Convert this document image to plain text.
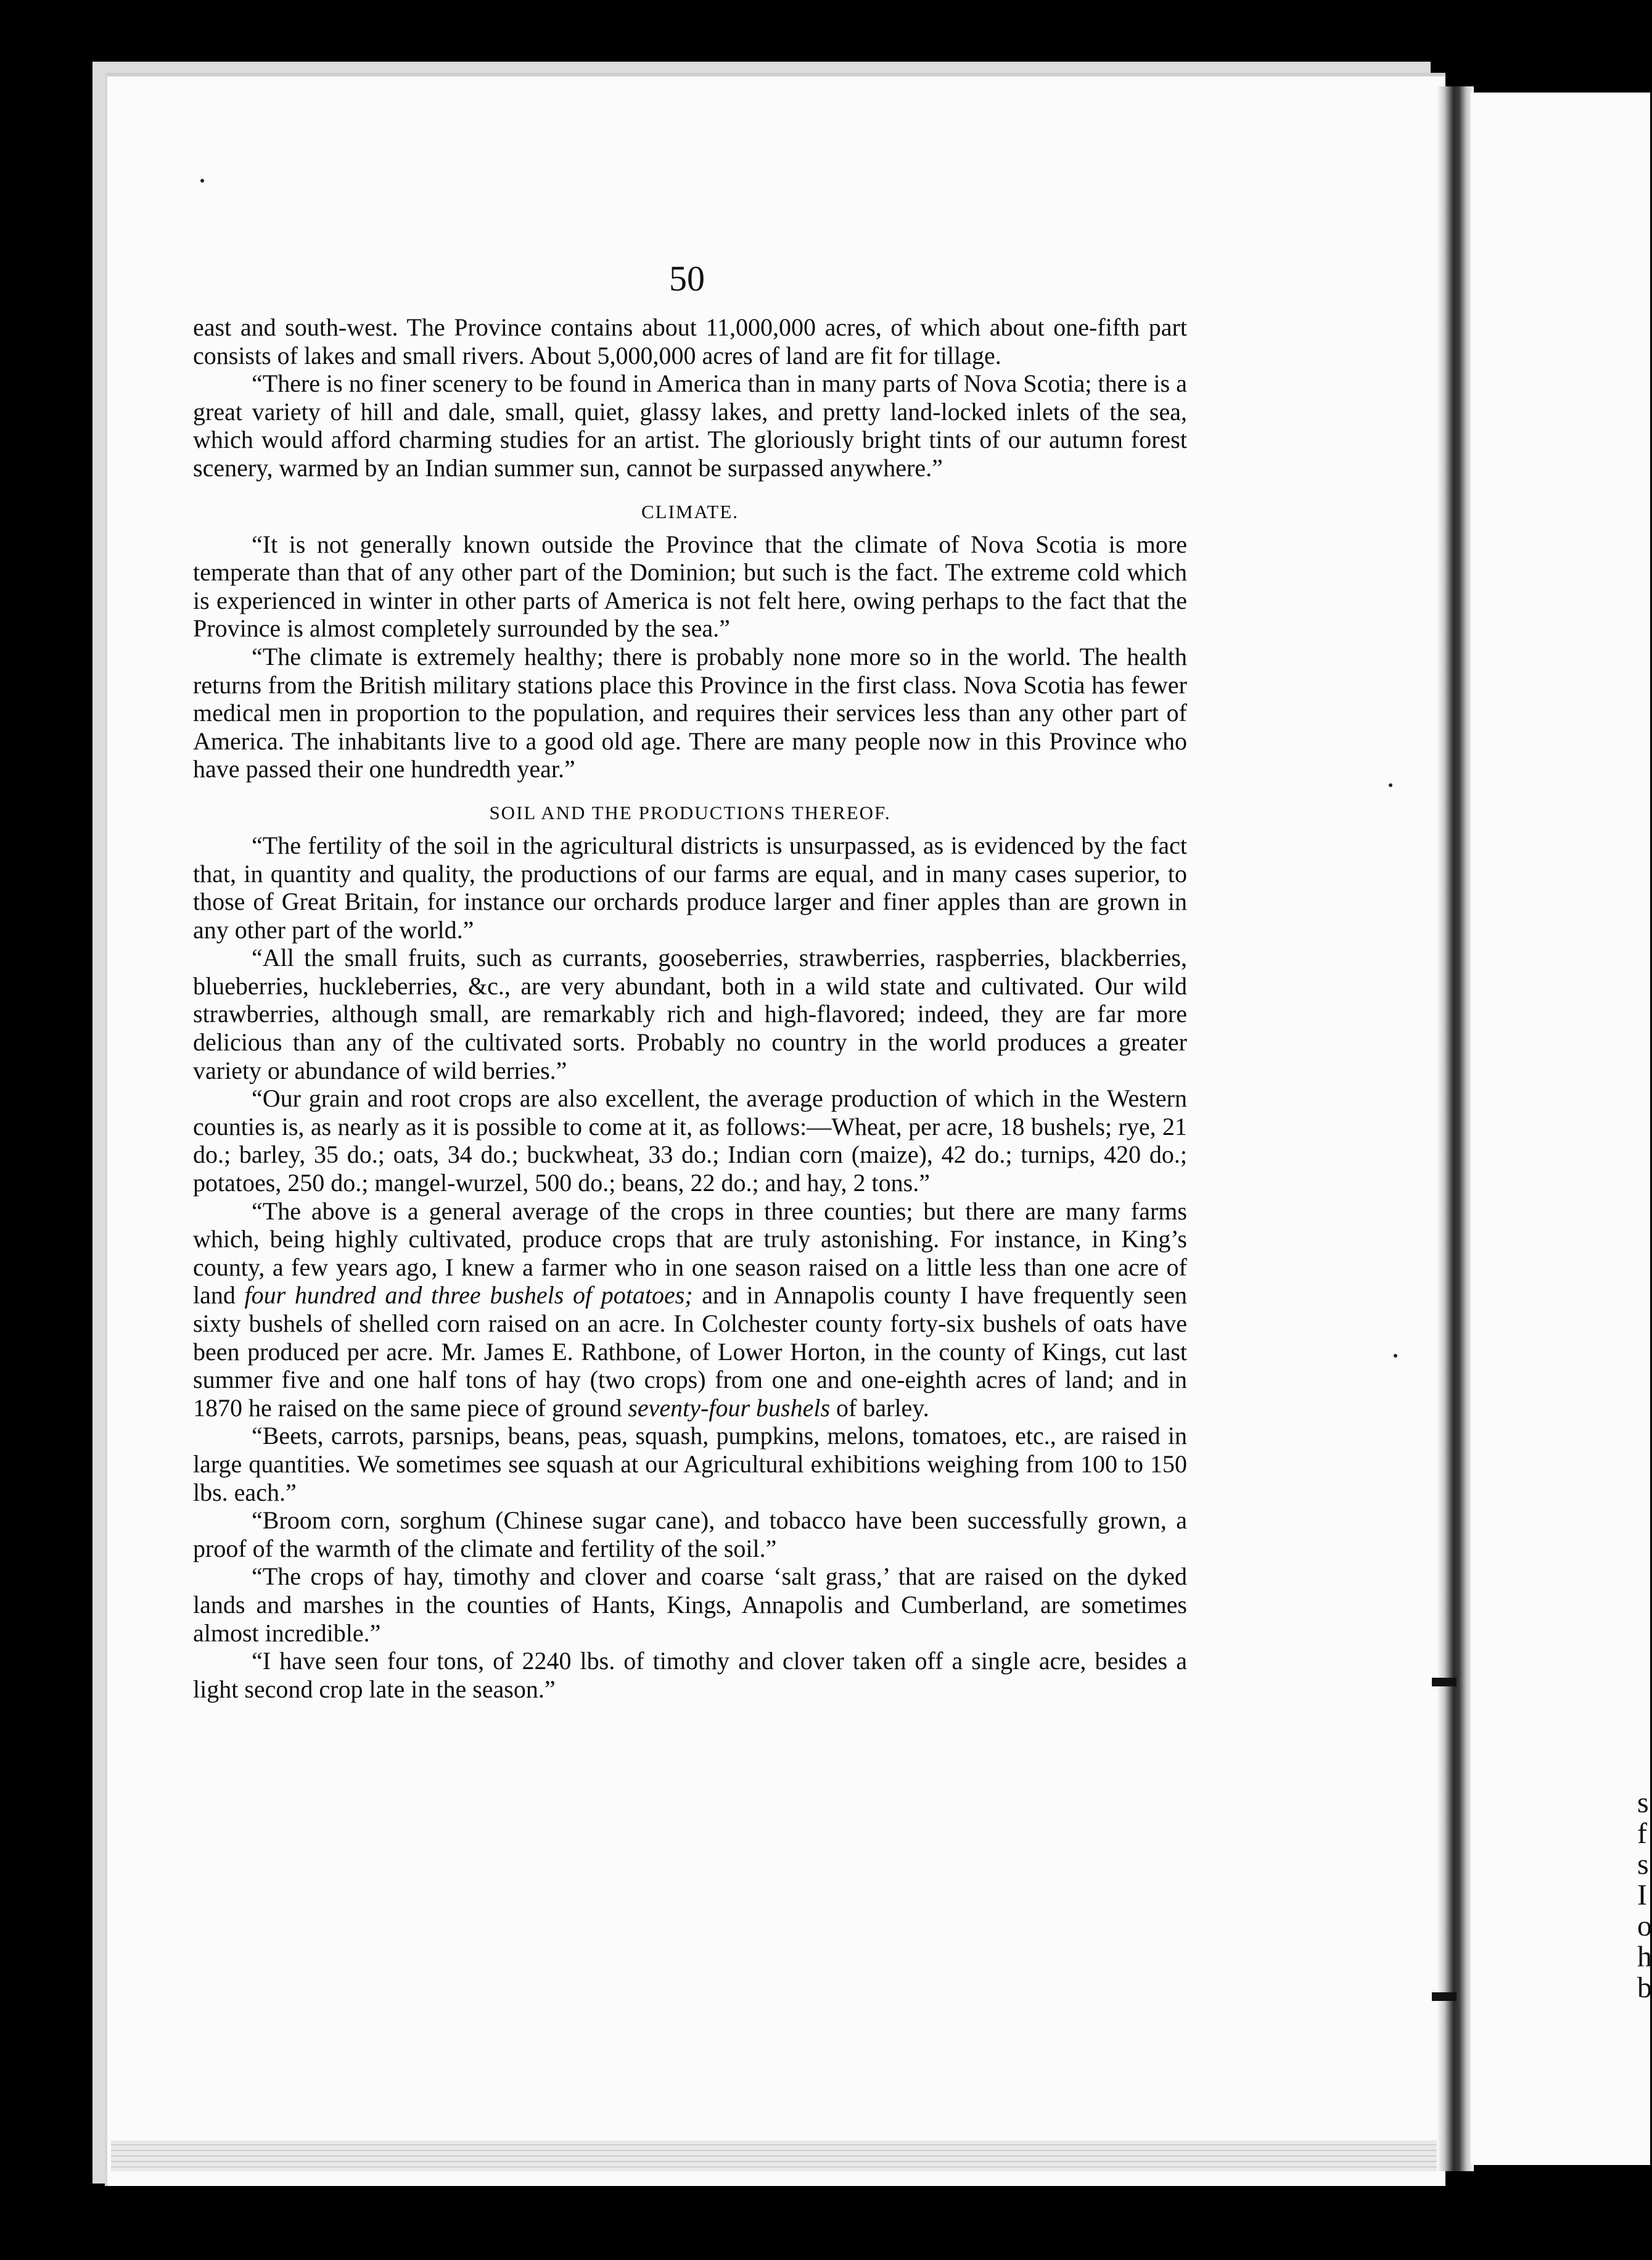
s
f
s
I
o
h
b
50

east and south-west. The Province contains about 11,000,000 acres, of which about one-fifth part consists of lakes and small rivers. About 5,000,000 acres of land are fit for tillage.

“There is no finer scenery to be found in America than in many parts of Nova Scotia; there is a great variety of hill and dale, small, quiet, glassy lakes, and pretty land-locked inlets of the sea, which would afford charming studies for an artist. The gloriously bright tints of our autumn forest scenery, warmed by an Indian summer sun, cannot be surpassed anywhere.”

CLIMATE.

“It is not generally known outside the Province that the climate of Nova Scotia is more temperate than that of any other part of the Dominion; but such is the fact. The extreme cold which is experienced in winter in other parts of America is not felt here, owing perhaps to the fact that the Province is almost completely surrounded by the sea.”

“The climate is extremely healthy; there is probably none more so in the world. The health returns from the British military stations place this Province in the first class. Nova Scotia has fewer medical men in proportion to the population, and requires their services less than any other part of America. The inhabitants live to a good old age. There are many people now in this Province who have passed their one hundredth year.”

SOIL AND THE PRODUCTIONS THEREOF.

“The fertility of the soil in the agricultural districts is unsurpassed, as is evidenced by the fact that, in quantity and quality, the productions of our farms are equal, and in many cases superior, to those of Great Britain, for instance our orchards produce larger and finer apples than are grown in any other part of the world.”

“All the small fruits, such as currants, gooseberries, strawberries, raspberries, blackberries, blueberries, huckleberries, &c., are very abundant, both in a wild state and cultivated. Our wild strawberries, although small, are remarkably rich and high-flavored; indeed, they are far more delicious than any of the cultivated sorts. Probably no country in the world produces a greater variety or abundance of wild berries.”

“Our grain and root crops are also excellent, the average production of which in the Western counties is, as nearly as it is possible to come at it, as follows:—Wheat, per acre, 18 bushels; rye, 21 do.; barley, 35 do.; oats, 34 do.; buckwheat, 33 do.; Indian corn (maize), 42 do.; turnips, 420 do.; potatoes, 250 do.; mangel-wurzel, 500 do.; beans, 22 do.; and hay, 2 tons.”

“The above is a general average of the crops in three counties; but there are many farms which, being highly cultivated, produce crops that are truly astonishing. For instance, in King’s county, a few years ago, I knew a farmer who in one season raised on a little less than one acre of land four hundred and three bushels of potatoes; and in Annapolis county I have frequently seen sixty bushels of shelled corn raised on an acre. In Colchester county forty-six bushels of oats have been produced per acre. Mr. James E. Rathbone, of Lower Horton, in the county of Kings, cut last summer five and one half tons of hay (two crops) from one and one-eighth acres of land; and in 1870 he raised on the same piece of ground seventy-four bushels of barley.

“Beets, carrots, parsnips, beans, peas, squash, pumpkins, melons, tomatoes, etc., are raised in large quantities. We sometimes see squash at our Agricultural exhibitions weighing from 100 to 150 lbs. each.”

“Broom corn, sorghum (Chinese sugar cane), and tobacco have been successfully grown, a proof of the warmth of the climate and fertility of the soil.”

“The crops of hay, timothy and clover and coarse ‘salt grass,’ that are raised on the dyked lands and marshes in the counties of Hants, Kings, Annapolis and Cumberland, are sometimes almost incredible.”

“I have seen four tons, of 2240 lbs. of timothy and clover taken off a single acre, besides a light second crop late in the season.”
